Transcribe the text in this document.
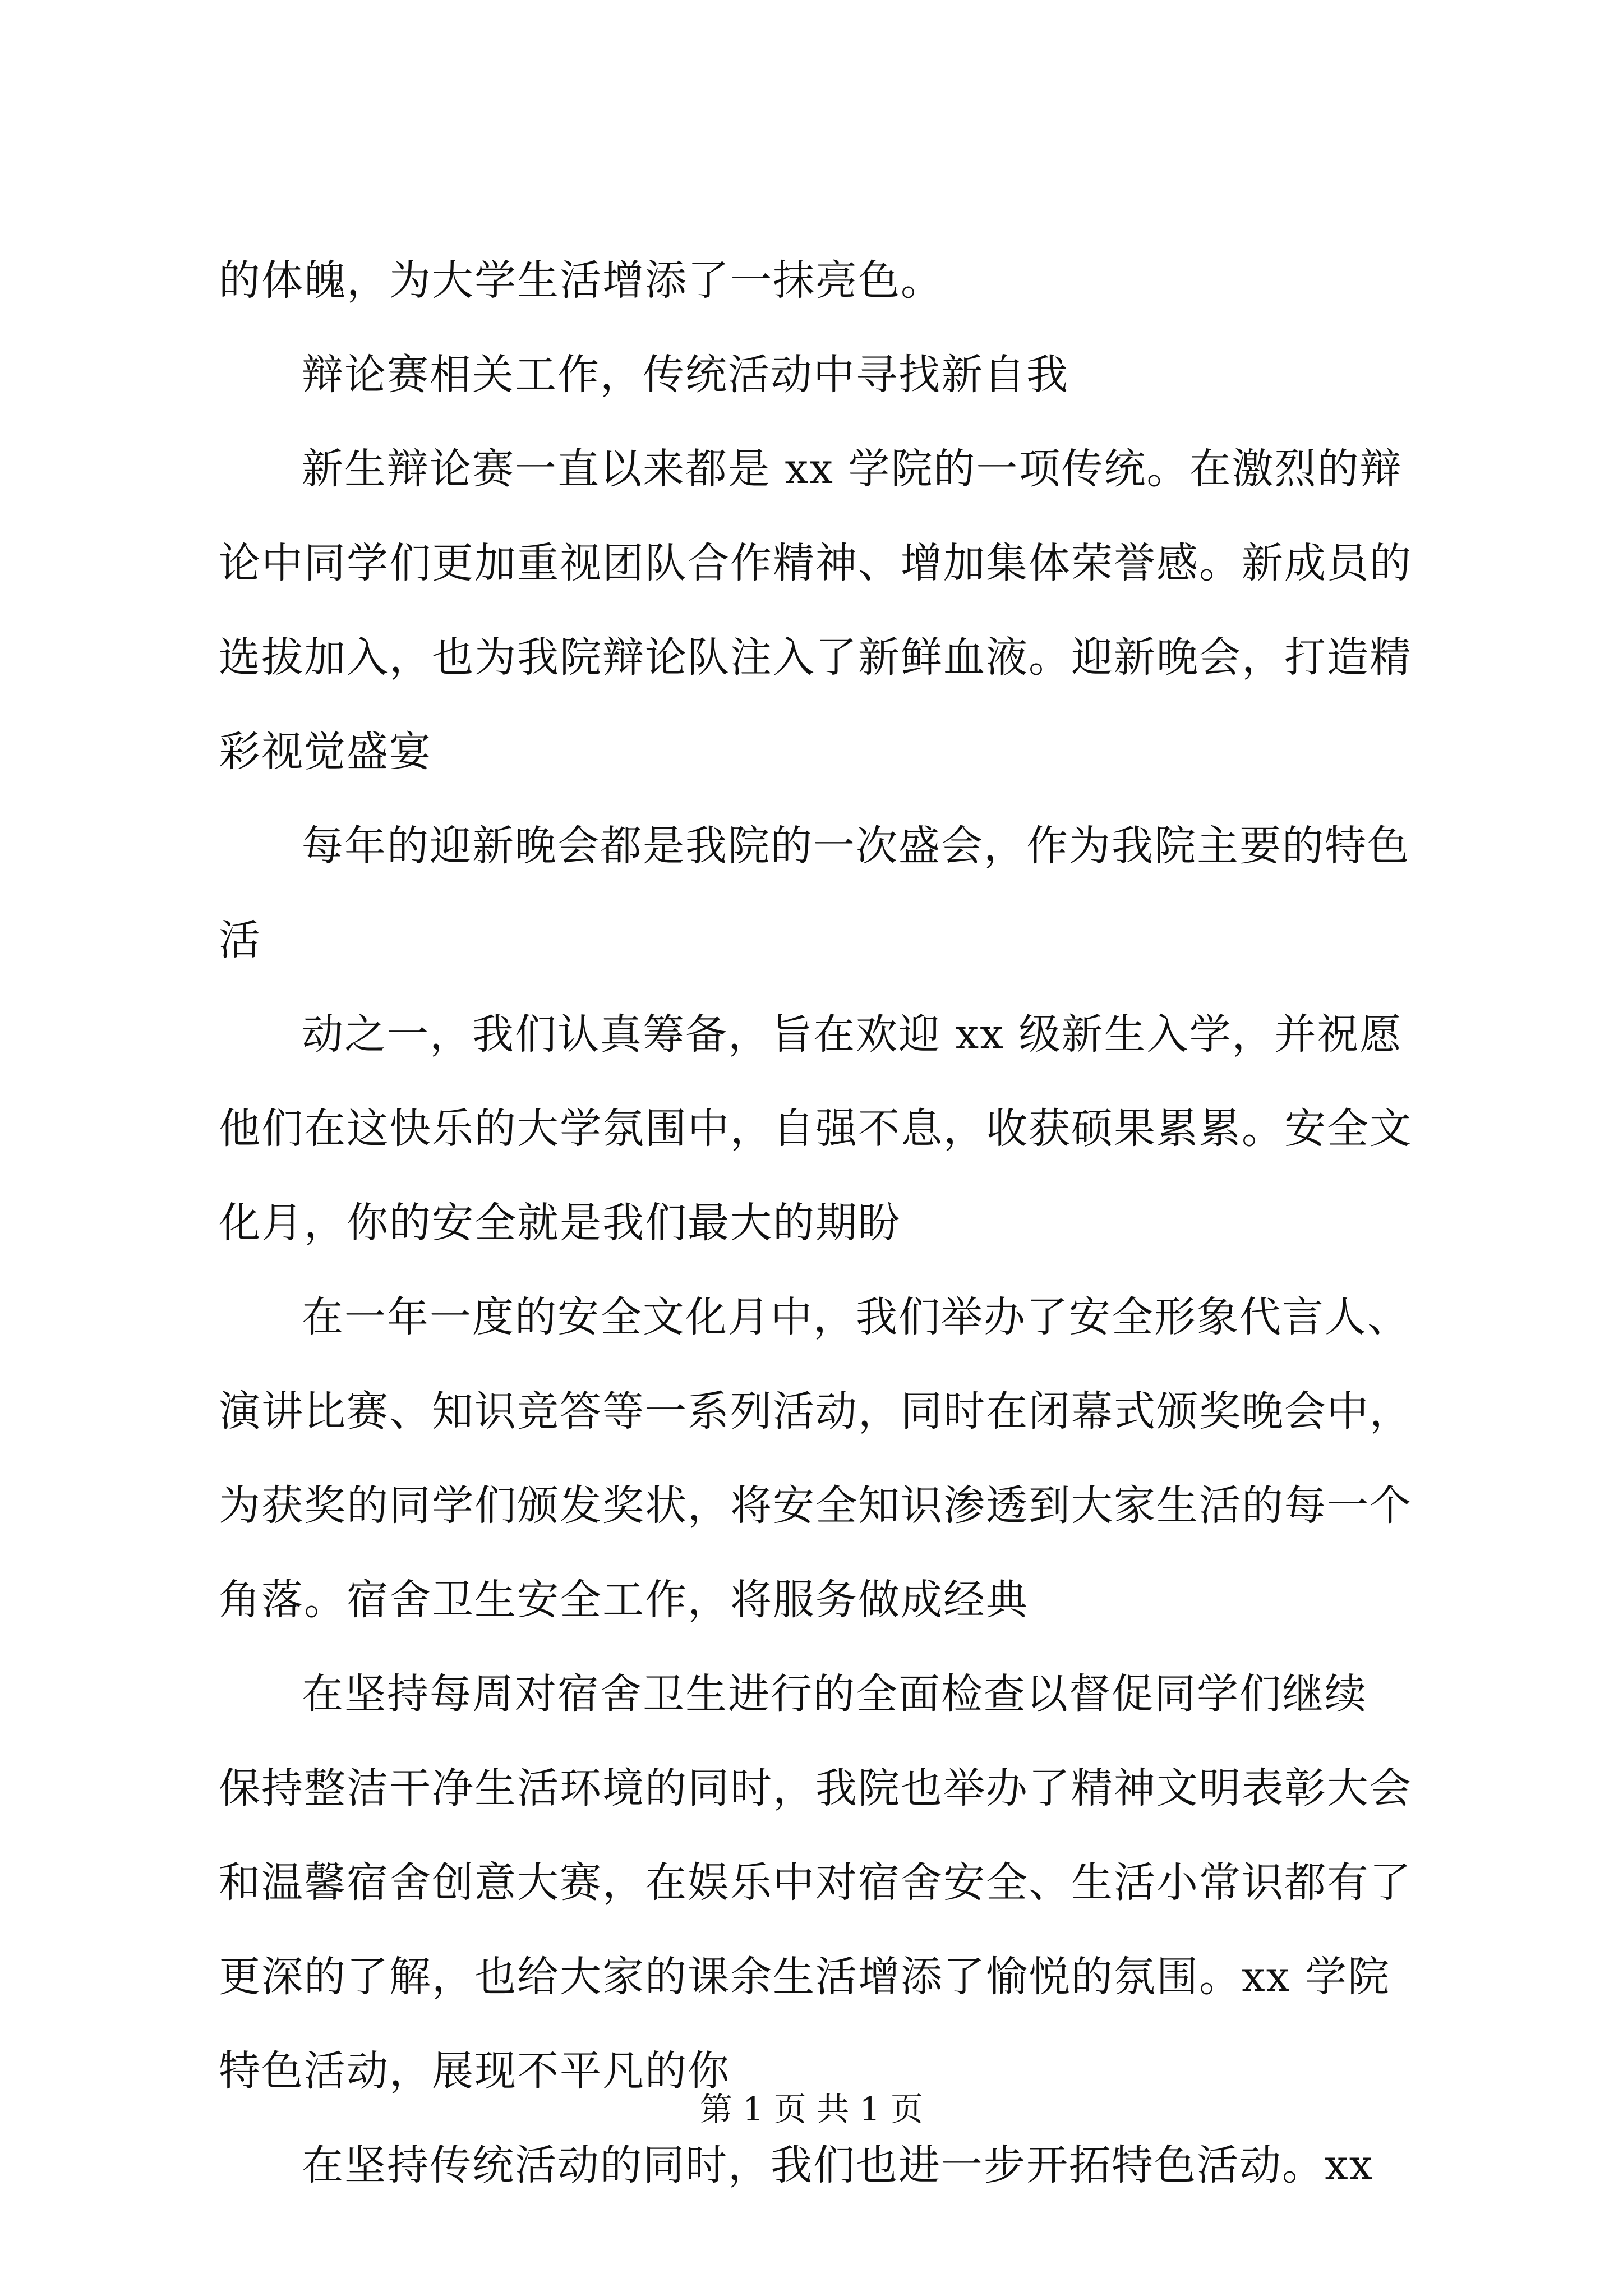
的体魄，为大学生活增添了一抹亮色。
辩论赛相关工作，传统活动中寻找新自我
新生辩论赛一直以来都是 xx 学院的一项传统。在激烈的辩
论中同学们更加重视团队合作精神、增加集体荣誉感。新成员的
选拔加入，也为我院辩论队注入了新鲜血液。迎新晚会，打造精
彩视觉盛宴
每年的迎新晚会都是我院的一次盛会，作为我院主要的特色
活
动之一，我们认真筹备，旨在欢迎 xx 级新生入学，并祝愿
他们在这快乐的大学氛围中，自强不息，收获硕果累累。安全文
化月，你的安全就是我们最大的期盼
在一年一度的安全文化月中，我们举办了安全形象代言人、
演讲比赛、知识竞答等一系列活动，同时在闭幕式颁奖晚会中，
为获奖的同学们颁发奖状，将安全知识渗透到大家生活的每一个
角落。宿舍卫生安全工作，将服务做成经典
在坚持每周对宿舍卫生进行的全面检查以督促同学们继续
保持整洁干净生活环境的同时，我院也举办了精神文明表彰大会
和温馨宿舍创意大赛，在娱乐中对宿舍安全、生活小常识都有了
更深的了解，也给大家的课余生活增添了愉悦的氛围。xx 学院
特色活动，展现不平凡的你
在坚持传统活动的同时，我们也进一步开拓特色活动。xx
第 1 页 共 1 页
